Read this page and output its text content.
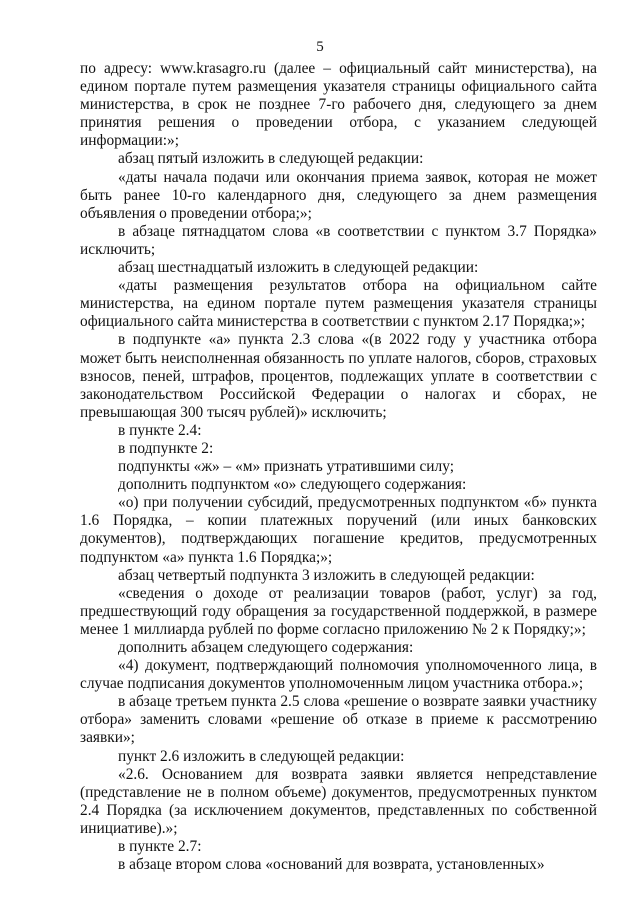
5

по адресу: www.krasagro.ru (далее – официальный сайт министерства), на едином портале путем размещения указателя страницы официального сайта министерства, в срок не позднее 7-го рабочего дня, следующего за днем принятия решения о проведении отбора, с указанием следующей информации:»;

абзац пятый изложить в следующей редакции:

«даты начала подачи или окончания приема заявок, которая не может быть ранее 10-го календарного дня, следующего за днем размещения объявления о проведении отбора;»;

в абзаце пятнадцатом слова «в соответствии с пунктом 3.7 Порядка» исключить;

абзац шестнадцатый изложить в следующей редакции:

«даты размещения результатов отбора на официальном сайте министерства, на едином портале путем размещения указателя страницы официального сайта министерства в соответствии с пунктом 2.17 Порядка;»;

в подпункте «а» пункта 2.3 слова «(в 2022 году у участника отбора может быть неисполненная обязанность по уплате налогов, сборов, страховых взносов, пеней, штрафов, процентов, подлежащих уплате в соответствии с законодательством Российской Федерации о налогах и сборах, не превышающая 300 тысяч рублей)» исключить;

в пункте 2.4:

в подпункте 2:

подпункты «ж» – «м» признать утратившими силу;

дополнить подпунктом «о» следующего содержания:

«о) при получении субсидий, предусмотренных подпунктом «б» пункта 1.6 Порядка, – копии платежных поручений (или иных банковских документов), подтверждающих погашение кредитов, предусмотренных подпунктом «а» пункта 1.6 Порядка;»;

абзац четвертый подпункта 3 изложить в следующей редакции:

«сведения о доходе от реализации товаров (работ, услуг) за год, предшествующий году обращения за государственной поддержкой, в размере менее 1 миллиарда рублей по форме согласно приложению № 2 к Порядку;»;

дополнить абзацем следующего содержания:

«4) документ, подтверждающий полномочия уполномоченного лица, в случае подписания документов уполномоченным лицом участника отбора.»;

в абзаце третьем пункта 2.5 слова «решение о возврате заявки участнику отбора» заменить словами «решение об отказе в приеме к рассмотрению заявки»;

пункт 2.6 изложить в следующей редакции:

«2.6. Основанием для возврата заявки является непредставление (представление не в полном объеме) документов, предусмотренных пунктом 2.4 Порядка (за исключением документов, представленных по собственной инициативе).»;

в пункте 2.7:

в абзаце втором слова «оснований для возврата, установленных»
